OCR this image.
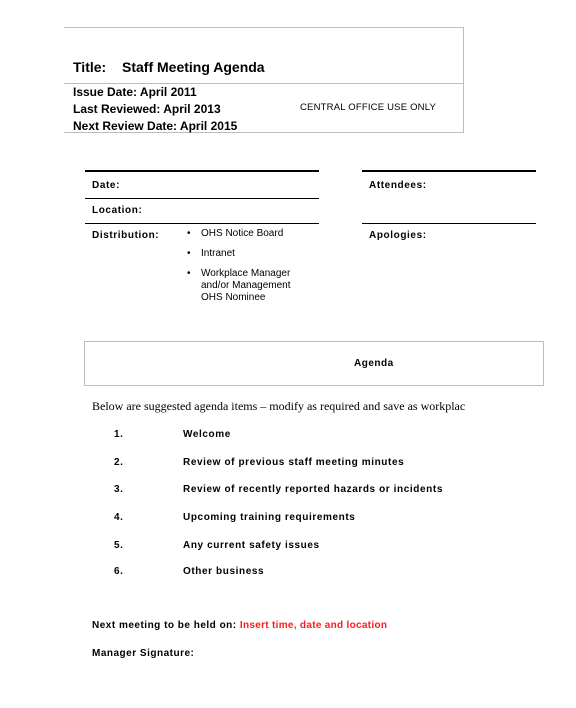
Title: Staff Meeting Agenda
Issue Date: April 2011
Last Reviewed: April 2013
Next Review Date: April 2015
CENTRAL OFFICE USE ONLY
Date:
Location:
Distribution:
•	OHS Notice Board
• Intranet
• Workplace Manager and/or Management OHS Nominee
Attendees:
Apologies:
Agenda
Below are suggested agenda items – modify as required and save as workplac
1.	Welcome
2.	Review of previous staff meeting minutes
3.	Review of recently reported hazards or incidents
4.	Upcoming training requirements
5.	Any current safety issues
6.	Other business
Next meeting to be held on: Insert time, date and location
Manager Signature:
